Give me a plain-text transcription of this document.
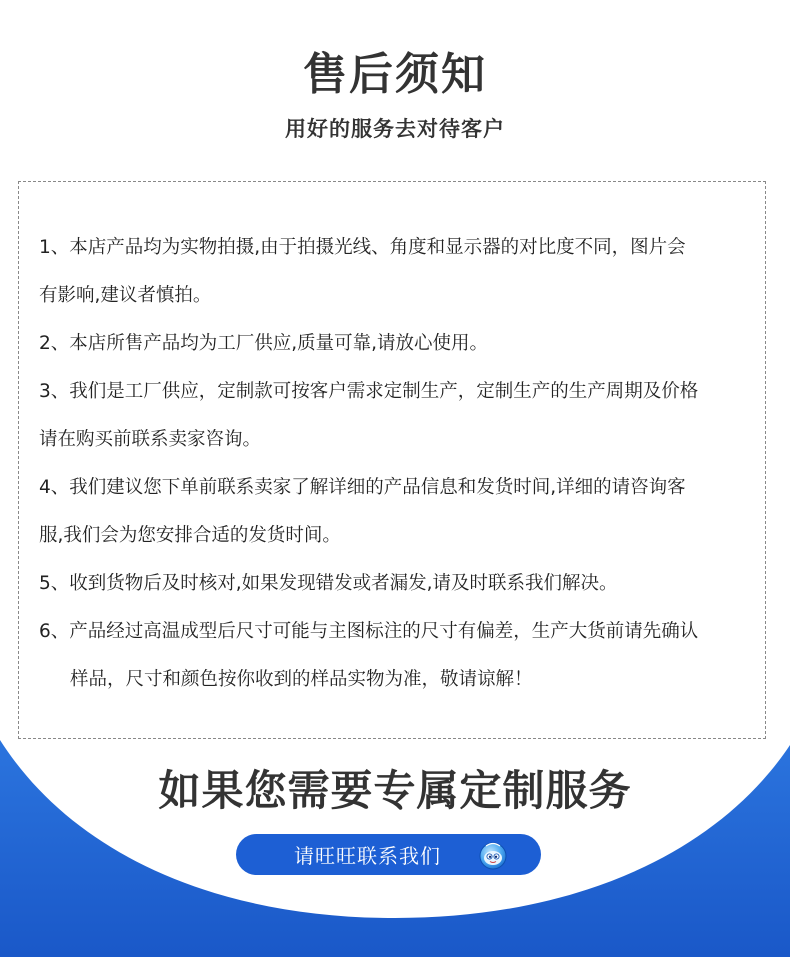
售后须知
用好的服务去对待客户
1、本店产品均为实物拍摄,由于拍摄光线、角度和显示器的对比度不同，图片会
有影响,建议者慎拍。
2、本店所售产品均为工厂供应,质量可靠,请放心使用。
3、我们是工厂供应，定制款可按客户需求定制生产，定制生产的生产周期及价格
请在购买前联系卖家咨询。
4、我们建议您下单前联系卖家了解详细的产品信息和发货时间,详细的请咨询客
服,我们会为您安排合适的发货时间。
5、收到货物后及时核对,如果发现错发或者漏发,请及时联系我们解决。
6、产品经过高温成型后尺寸可能与主图标注的尺寸有偏差，生产大货前请先确认
样品，尺寸和颜色按你收到的样品实物为准，敬请谅解！
如果您需要专属定制服务
请旺旺联系我们
